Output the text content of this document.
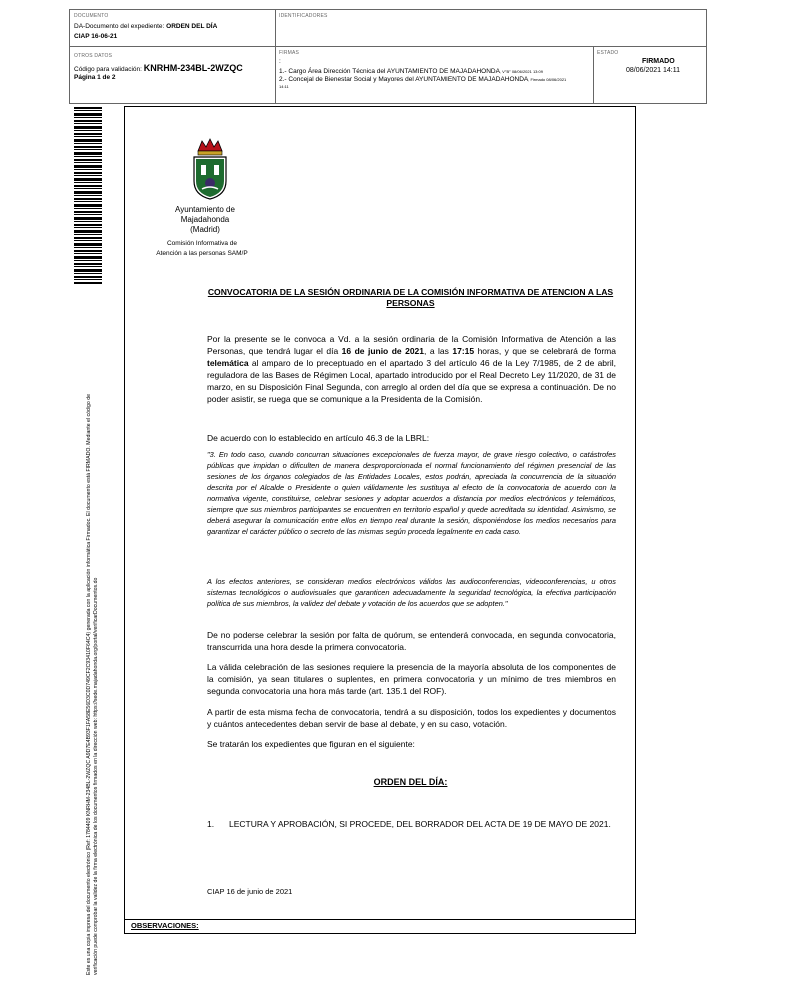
DOCUMENTO
DA-Documento del expediente: ORDEN DEL DÍA
CIAP 16-06-21
IDENTIFICADORES
OTROS DATOS
Código para validación: KNRHM-234BL-2WZQC
Página 1 de 2
FIRMAS
:
1.- Cargo Área Dirección Técnica del AYUNTAMIENTO DE MAJADAHONDA, V°B° 08/06/2021 13:09
2.- Concejal de Bienestar Social y Mayores del AYUNTAMIENTO DE MAJADAHONDA, Firmado 08/06/2021
14:11
ESTADO
FIRMADO
08/06/2021 14:11
Este es una copia impresa del documento electrónico (Ref: 1784409 KNRHM-234BL-2WZQC A9D7E4B93F1FA58E56D3C0D749CF2C93410F64C4) generada con la aplicación informática Firmadoc. El documento está FIRMADO. Mediante el código de verificación puede comprobar la validez de la firma electrónica de los documentos firmados en la dirección web: https://sede.majadahonda.org/portal/verificarDocumentos.do	OBSERVACIONES:
Ayuntamiento de
Majadahonda
(Madrid)
Comisión Informativa de
Atención a las personas SAM/P
CONVOCATORIA DE LA SESIÓN ORDINARIA DE LA COMISIÓN INFORMATIVA DE ATENCION A LAS PERSONAS
Por la presente se le convoca a Vd. a la sesión ordinaria de la Comisión Informativa de Atención a las Personas, que tendrá lugar el día 16 de junio de 2021, a las 17:15 horas, y que se celebrará de forma telemática al amparo de lo preceptuado en el apartado 3 del artículo 46 de la Ley 7/1985, de 2 de abril, reguladora de las Bases de Régimen Local, apartado introducido por el Real Decreto Ley 11/2020, de 31 de marzo, en su Disposición Final Segunda, con arreglo al orden del día que se expresa a continuación. De no poder asistir, se ruega que se comunique a la Presidenta de la Comisión.
De acuerdo con lo establecido en artículo 46.3 de la LBRL:
"3. En todo caso, cuando concurran situaciones excepcionales de fuerza mayor, de grave riesgo colectivo, o catástrofes públicas que impidan o dificulten de manera desproporcionada el normal funcionamiento del régimen presencial de las sesiones de los órganos colegiados de las Entidades Locales, estos podrán, apreciada la concurrencia de la situación descrita por el Alcalde o Presidente o quien válidamente les sustituya al efecto de la convocatoria de acuerdo con la normativa vigente, constituirse, celebrar sesiones y adoptar acuerdos a distancia por medios electrónicos y telemáticos, siempre que sus miembros participantes se encuentren en territorio español y quede acreditada su identidad. Asimismo, se deberá asegurar la comunicación entre ellos en tiempo real durante la sesión, disponiéndose los medios necesarios para garantizar el carácter público o secreto de las mismas según proceda legalmente en cada caso.
A los efectos anteriores, se consideran medios electrónicos válidos las audioconferencias, videoconferencias, u otros sistemas tecnológicos o audiovisuales que garanticen adecuadamente la seguridad tecnológica, la efectiva participación política de sus miembros, la validez del debate y votación de los acuerdos que se adopten."
De no poderse celebrar la sesión por falta de quórum, se entenderá convocada, en segunda convocatoria, transcurrida una hora desde la primera convocatoria.
La válida celebración de las sesiones requiere la presencia de la mayoría absoluta de los componentes de la comisión, ya sean titulares o suplentes, en primera convocatoria y un mínimo de tres miembros en segunda convocatoria una hora más tarde (art. 135.1 del ROF).
A partir de esta misma fecha de convocatoria, tendrá a su disposición, todos los expedientes y documentos y cuántos antecedentes deban servir de base al debate, y en su caso, votación.
Se tratarán los expedientes que figuran en el siguiente:
ORDEN DEL DÍA:
1. LECTURA Y APROBACIÓN, SI PROCEDE, DEL BORRADOR DEL ACTA DE 19 DE MAYO DE 2021.
CIAP 16 de junio de 2021
